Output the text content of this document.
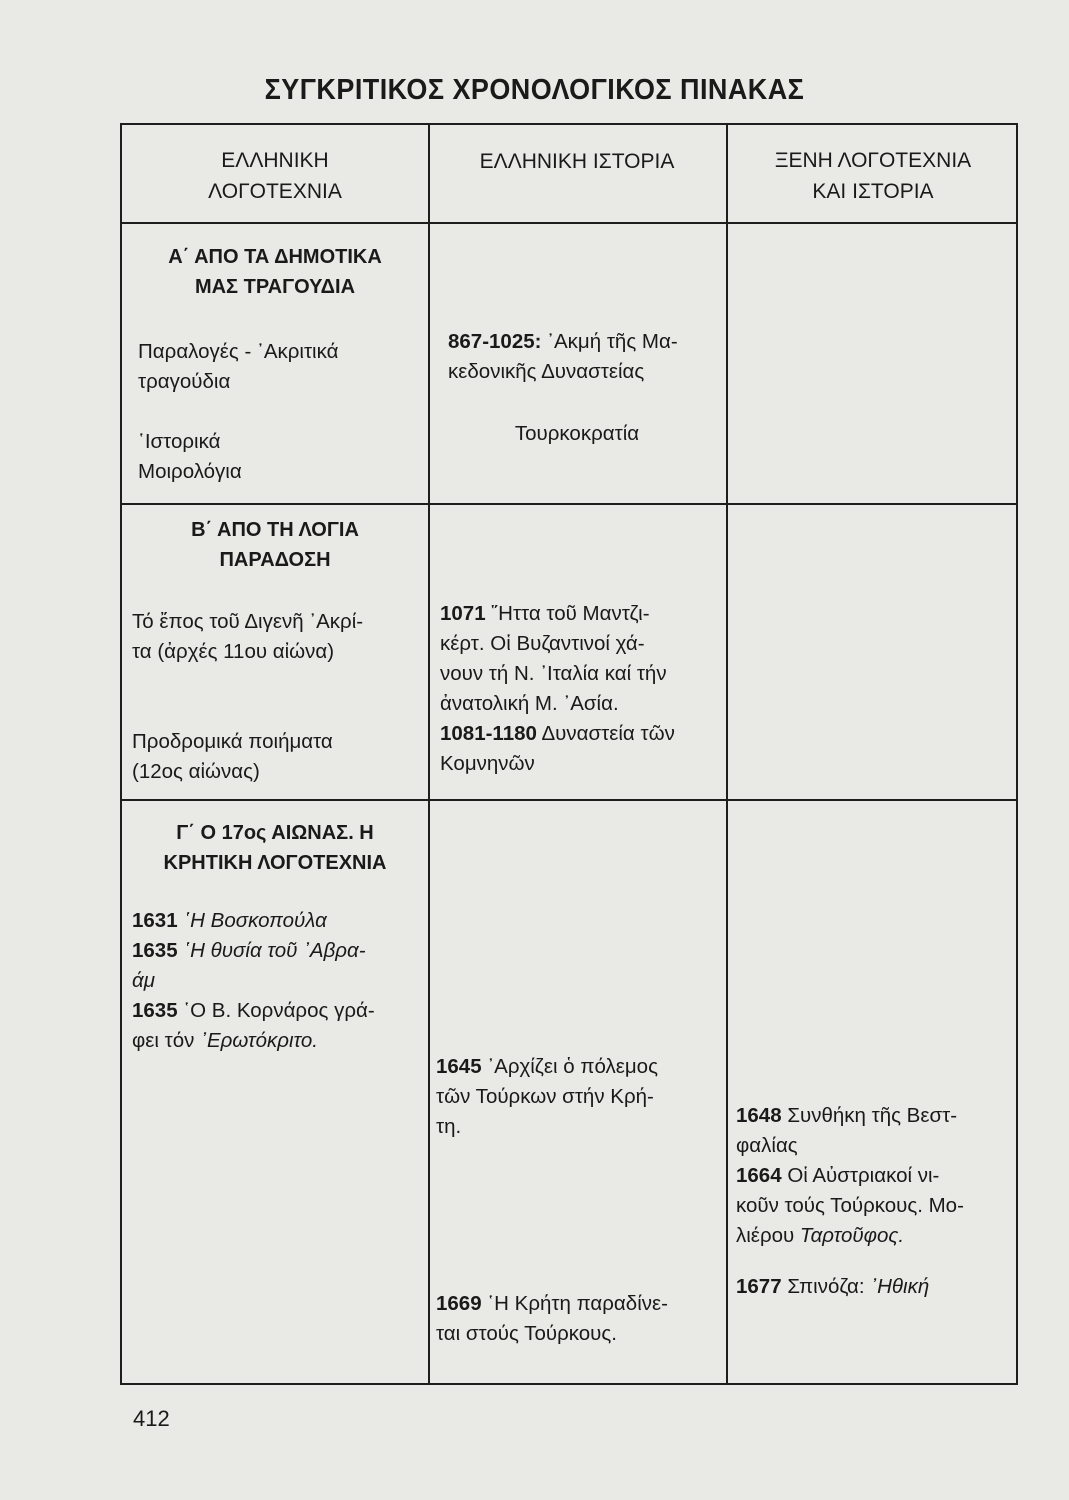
ΣΥΓΚΡΙΤΙΚΟΣ ΧΡΟΝΟΛΟΓΙΚΟΣ ΠΙΝΑΚΑΣ
ΕΛΛΗΝΙΚΗ
ΛΟΓΟΤΕΧΝΙΑ
ΕΛΛΗΝΙΚΗ ΙΣΤΟΡΙΑ	ΞΕΝΗ ΛΟΓΟΤΕΧΝΙΑ
ΚΑΙ ΙΣΤΟΡΙΑ
Α΄ ΑΠΟ ΤΑ ΔΗΜΟΤΙΚΑ
ΜΑΣ ΤΡΑΓΟΥΔΙΑ
Παραλογές - ᾿Ακριτικά
τραγούδια
῾Ιστορικά
Μοιρολόγια
867-1025: ᾿Ακμή τῆς Μα-
κεδονικῆς Δυναστείας
Τουρκοκρατία
Β΄ ΑΠΟ ΤΗ ΛΟΓΙΑ
ΠΑΡΑΔΟΣΗ
Τό ἔπος τοῦ Διγενῆ ᾿Ακρί-
τα (ἀρχές 11ου αἰώνα)
Προδρομικά ποιήματα
(12ος αἰώνας)
1071 ῞Ηττα τοῦ Μαντζι-
κέρτ. Οἱ Βυζαντινοί χά-
νουν τή Ν. ᾿Ιταλία καί τήν
ἀνατολική Μ. ᾿Ασία.
1081-1180 Δυναστεία τῶν
Κομνηνῶν
Γ΄ Ο 17ος ΑΙΩΝΑΣ. Η
ΚΡΗΤΙΚΗ ΛΟΓΟΤΕΧΝΙΑ
1631 ῾Η Βοσκοπούλα
1635 ῾Η θυσία τοῦ ᾿Αβρα-
άμ
1635 ῾Ο Β. Κορνάρος γρά-
φει τόν ᾿Ερωτόκριτο.
1645 ᾿Αρχίζει ὁ πόλεμος
τῶν Τούρκων στήν Κρή-
τη.
1669 ῾Η Κρήτη παραδίνε-
ται στούς Τούρκους.
1648 Συνθήκη τῆς Βεστ-
φαλίας
1664 Οἱ Αὐστριακοί νι-
κοῦν τούς Τούρκους. Μο-
λιέρου Ταρτοῦφος.
1677 Σπινόζα: ᾿Ηθική
412
